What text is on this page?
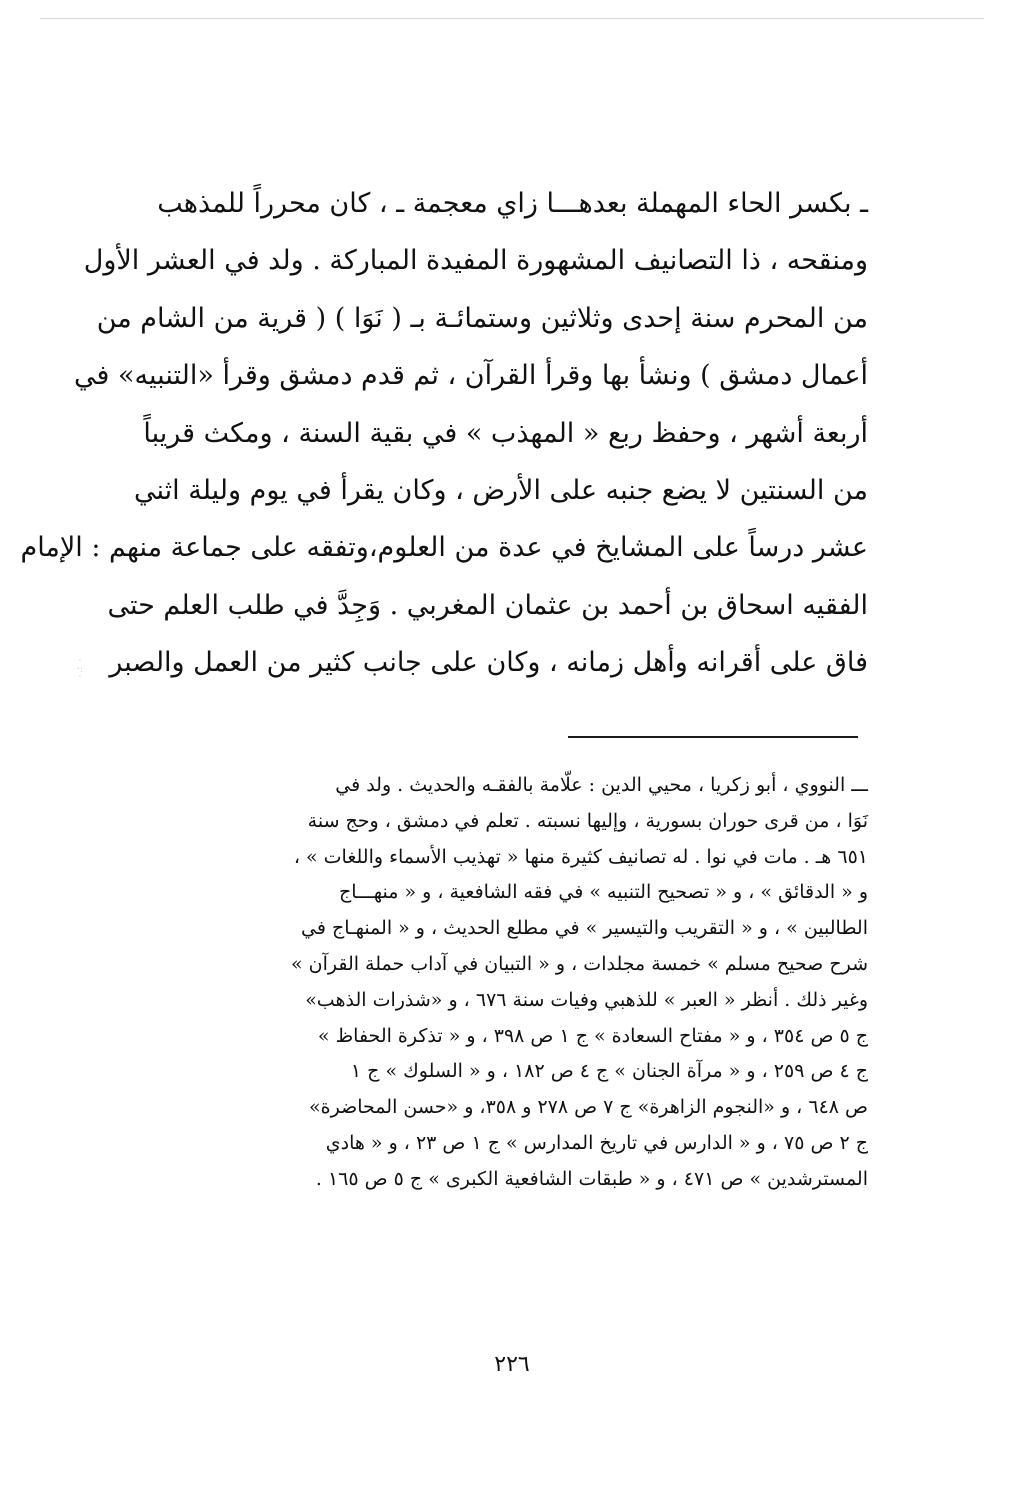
ـ بكسر الحاء المهملة بعدهـــا زاي معجمة ـ ، كان محرراً للمذهب
ومنقحه ، ذا التصانيف المشهورة المفيدة المباركة . ولد في العشر الأول
من المحرم سنة إحدى وثلاثين وستمائـة بـ ( نَوَا ) ( قرية من الشام من
أعمال دمشق ) ونشأ بها وقرأ القرآن ، ثم قدم دمشق وقرأ «التنبيه» في
أربعة أشهر ، وحفظ ربع « المهذب » في بقية السنة ، ومكث قريباً
من السنتين لا يضع جنبه على الأرض ، وكان يقرأ في يوم وليلة اثني
عشر درساً على المشايخ في عدة من العلوم،وتفقه على جماعة منهم : الإمام
الفقيه اسحاق بن أحمد بن عثمان المغربي . وَجِدَّ في طلب العلم حتى
فاق على أقرانه وأهل زمانه ، وكان على جانب كثير من العمل والصبر
·
·:
·
ـــ النووي ، أبو زكريا ، محيي الدين : علّامة بالفقـه والحديث . ولد في
نَوَا ، من قرى حوران بسورية ، وإليها نسبته . تعلم في دمشق ، وحج سنة
٦٥١ هـ . مات في نوا . له تصانيف كثيرة منها « تهذيب الأسماء واللغات » ،
و « الدقائق » ، و « تصحيح التنبيه » في فقه الشافعية ، و « منهـــاج
الطالبين » ، و « التقريب والتيسير » في مطلع الحديث ، و « المنهـاج في
شرح صحيح مسلم » خمسة مجلدات ، و « التبيان في آداب حملة القرآن »
وغير ذلك . أنظر « العبر » للذهبي وفيات سنة ٦٧٦ ، و «شذرات الذهب»
ج ٥ ص ٣٥٤ ، و « مفتاح السعادة » ج ١ ص ٣٩٨ ، و « تذكرة الحفاظ »
ج ٤ ص ٢٥٩ ، و « مرآة الجنان » ج ٤ ص ١٨٢ ، و « السلوك » ج ١
ص ٦٤٨ ، و «النجوم الزاهرة» ج ٧ ص ٢٧٨ و ٣٥٨، و «حسن المحاضرة»
ج ٢ ص ٧٥ ، و « الدارس في تاريخ المدارس » ج ١ ص ٢٣ ، و « هادي
المسترشدين » ص ٤٧١ ، و « طبقات الشافعية الكبرى » ج ٥ ص ١٦٥ .
٢٢٦
